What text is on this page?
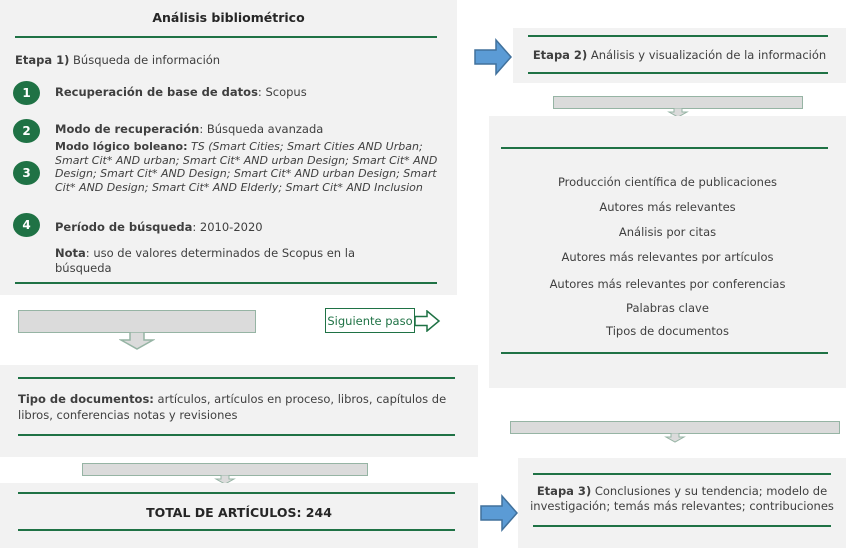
Análisis bibliométrico
Etapa 1) Búsqueda de información
1 Recuperación de base de datos: Scopus
2 Modo de recuperación: Búsqueda avanzada
3
Modo lógico boleano: TS (Smart Cities; Smart Cities AND Urban; Smart Cit* AND urban; Smart Cit* AND urban Design; Smart Cit* AND Design; Smart Cit* AND Design; Smart Cit* AND urban Design; Smart Cit* AND Design; Smart Cit* AND Elderly; Smart Cit* AND Inclusion
4 Período de búsqueda: 2010-2020
Nota: uso de valores determinados de Scopus en la búsqueda
Siguiente paso
Tipo de documentos: artículos, artículos en proceso, libros, capítulos de libros, conferencias notas y revisiones
TOTAL DE ARTÍCULOS: 244
Etapa 2) Análisis y visualización de la información
Producción científica de publicaciones
Autores más relevantes
Análisis por citas
Autores más relevantes por artículos
Autores más relevantes por conferencias
Palabras clave
Tipos de documentos
Etapa 3) Conclusiones y su tendencia; modelo de investigación; temás más relevantes; contribuciones
